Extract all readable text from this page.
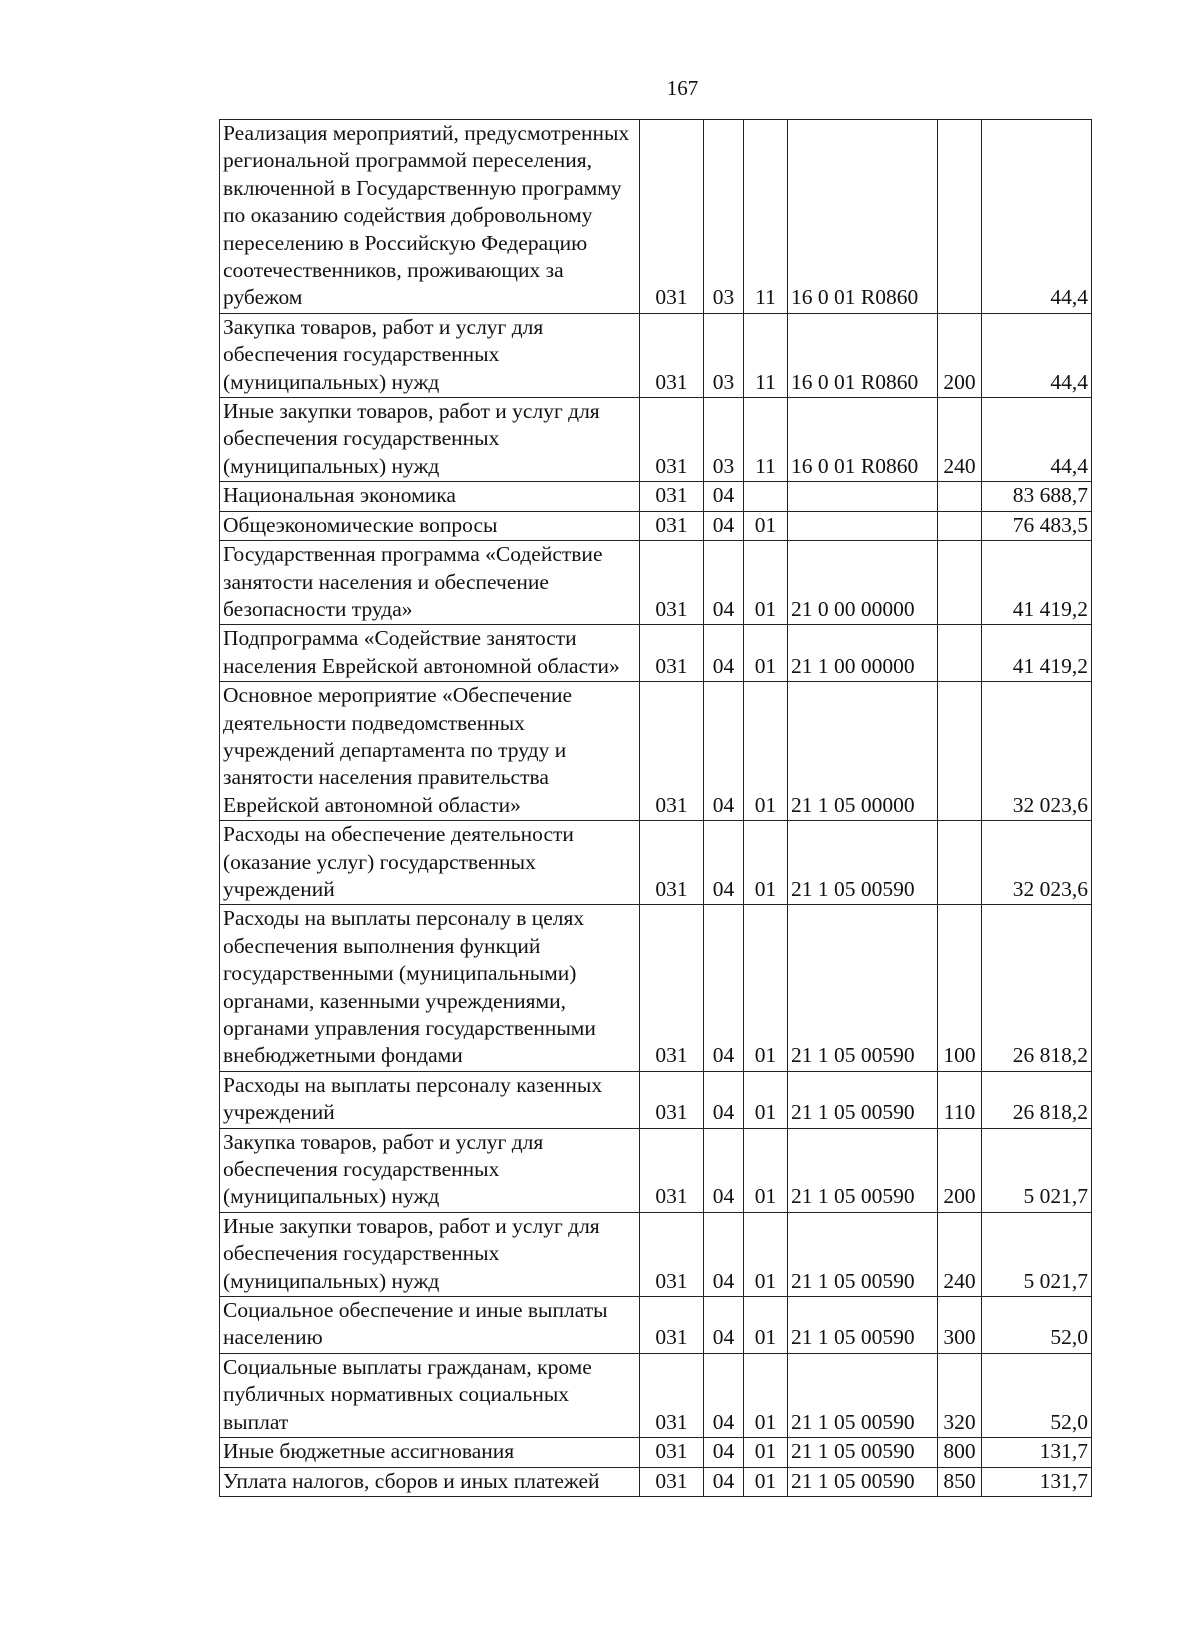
167
Реализация мероприятий, предусмотренных региональной программой переселения, включенной в Государственную программу по оказанию содействия добровольному переселению в Российскую Федерацию соотечественников, проживающих за рубежом	031	03	11	16 0 01 R0860		44,4
Закупка товаров, работ и услуг для обеспечения государственных (муниципальных) нужд	031	03	11	16 0 01 R0860	200	44,4
Иные закупки товаров, работ и услуг для обеспечения государственных (муниципальных) нужд	031	03	11	16 0 01 R0860	240	44,4
Национальная экономика	031	04				83 688,7
Общеэкономические вопросы	031	04	01			76 483,5
Государственная программа «Содействие занятости населения и обеспечение безопасности труда»	031	04	01	21 0 00 00000		41 419,2
Подпрограмма «Содействие занятости населения Еврейской автономной области»	031	04	01	21 1 00 00000		41 419,2
Основное мероприятие «Обеспечение деятельности подведомственных учреждений департамента по труду и занятости населения правительства Еврейской автономной области»	031	04	01	21 1 05 00000		32 023,6
Расходы на обеспечение деятельности (оказание услуг) государственных учреждений	031	04	01	21 1 05 00590		32 023,6
Расходы на выплаты персоналу в целях обеспечения выполнения функций государственными (муниципальными) органами, казенными учреждениями, органами управления государственными внебюджетными фондами	031	04	01	21 1 05 00590	100	26 818,2
Расходы на выплаты персоналу казенных учреждений	031	04	01	21 1 05 00590	110	26 818,2
Закупка товаров, работ и услуг для обеспечения государственных (муниципальных) нужд	031	04	01	21 1 05 00590	200	5 021,7
Иные закупки товаров, работ и услуг для обеспечения государственных (муниципальных) нужд	031	04	01	21 1 05 00590	240	5 021,7
Социальное обеспечение и иные выплаты населению	031	04	01	21 1 05 00590	300	52,0
Социальные выплаты гражданам, кроме публичных нормативных социальных выплат	031	04	01	21 1 05 00590	320	52,0
Иные бюджетные ассигнования	031	04	01	21 1 05 00590	800	131,7
Уплата налогов, сборов и иных платежей	031	04	01	21 1 05 00590	850	131,7
